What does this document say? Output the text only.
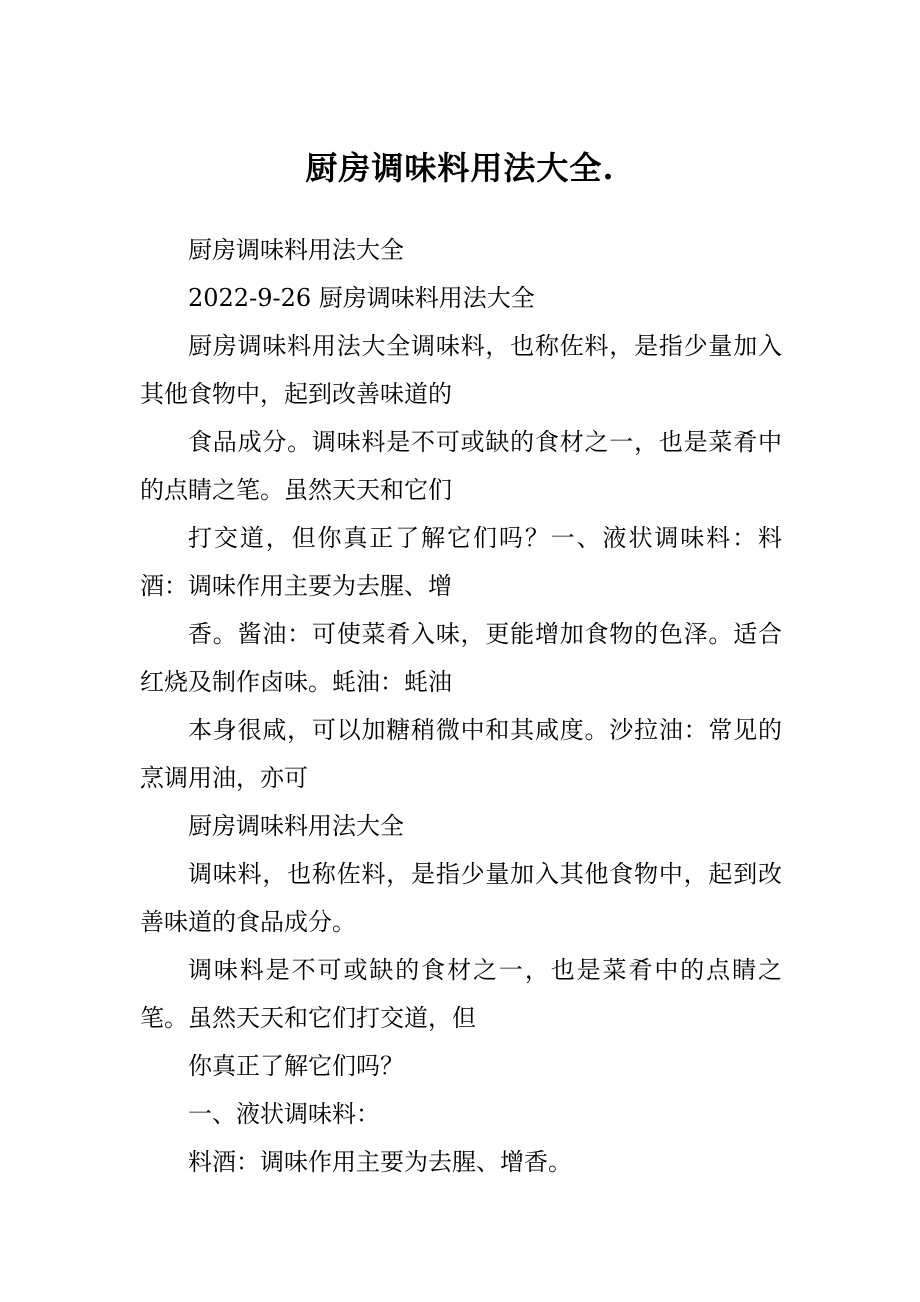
厨房调味料用法大全.

厨房调味料用法大全

2022-9-26 厨房调味料用法大全

厨房调味料用法大全调味料，也称佐料，是指少量加入其他食物中，起到改善味道的

食品成分。调味料是不可或缺的食材之一，也是菜肴中的点睛之笔。虽然天天和它们

打交道，但你真正了解它们吗？一、液状调味料：料酒：调味作用主要为去腥、增

香。酱油：可使菜肴入味，更能增加食物的色泽。适合红烧及制作卤味。蚝油：蚝油

本身很咸，可以加糖稍微中和其咸度。沙拉油：常见的烹调用油，亦可

厨房调味料用法大全

调味料，也称佐料，是指少量加入其他食物中，起到改善味道的食品成分。

调味料是不可或缺的食材之一，也是菜肴中的点睛之笔。虽然天天和它们打交道，但

你真正了解它们吗？

一、液状调味料：

料酒：调味作用主要为去腥、增香。
